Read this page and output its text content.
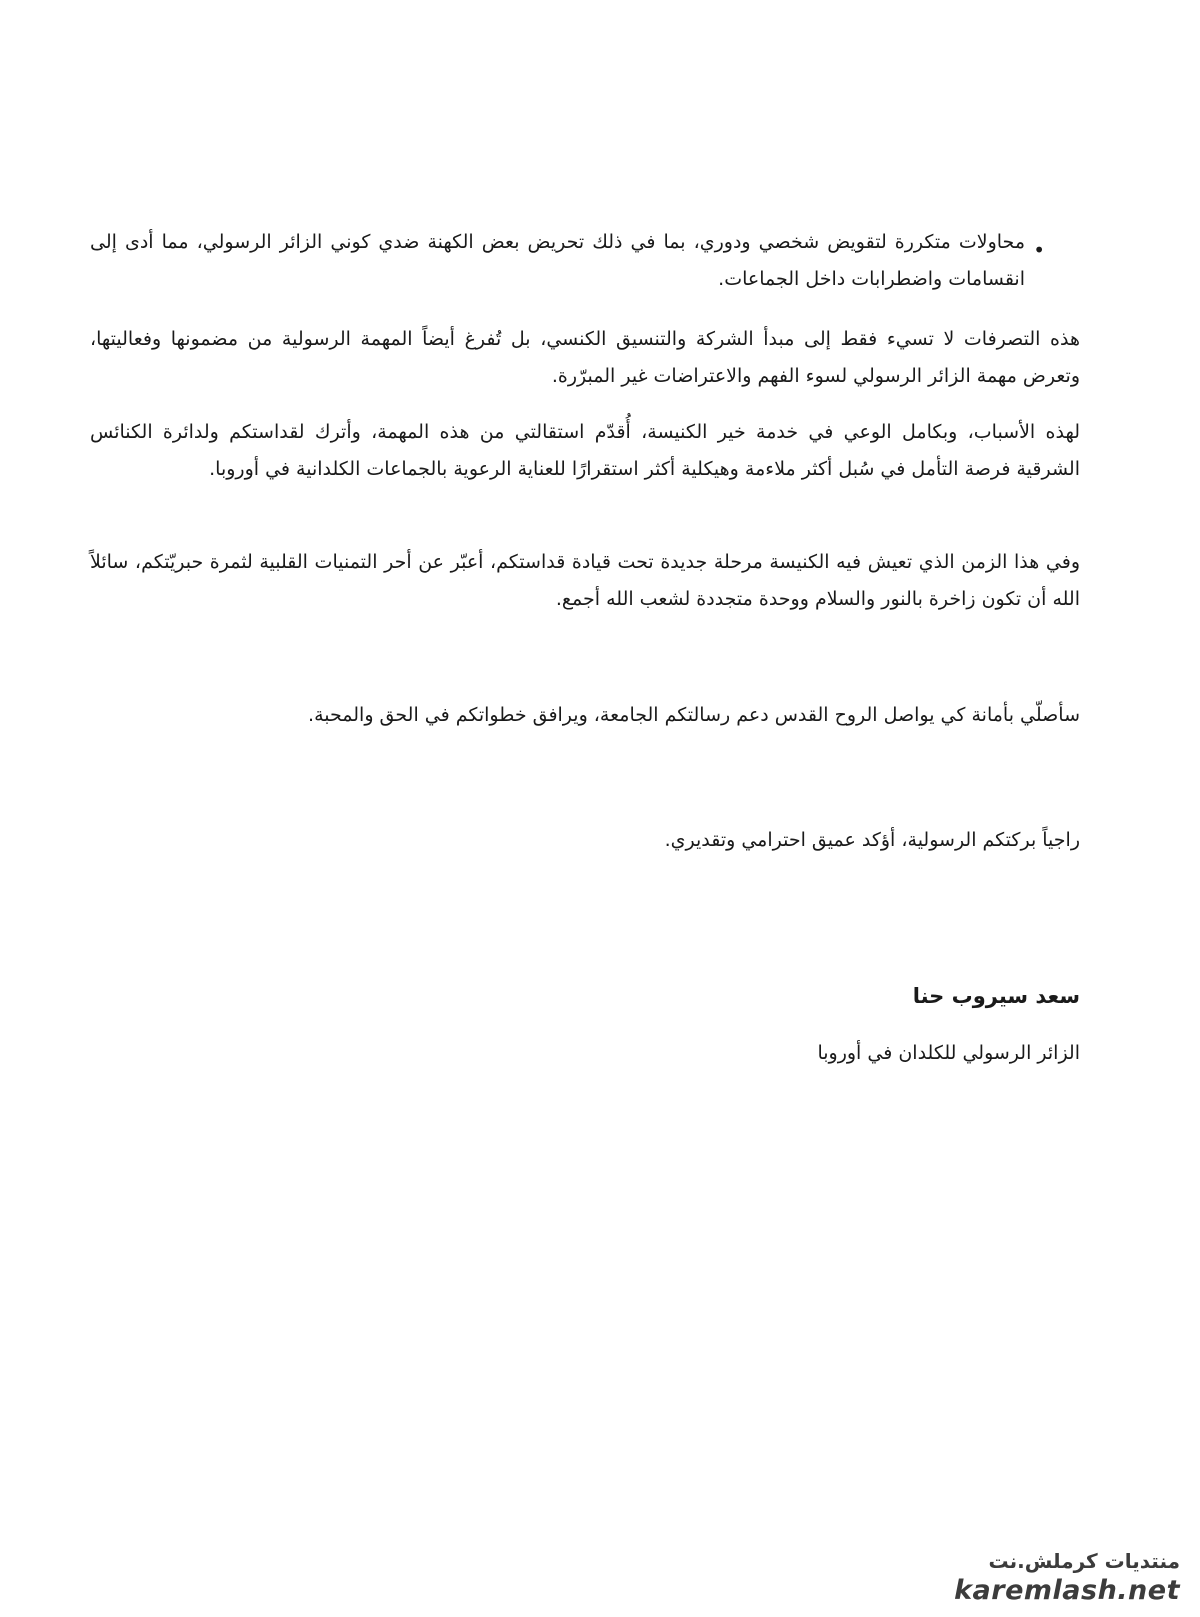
•

محاولات متكررة لتقويض شخصي ودوري، بما في ذلك تحريض بعض الكهنة ضدي كوني الزائر الرسولي، مما أدى إلى انقسامات واضطرابات داخل الجماعات.

هذه التصرفات لا تسيء فقط إلى مبدأ الشركة والتنسيق الكنسي، بل تُفرغ أيضاً المهمة الرسولية من مضمونها وفعاليتها، وتعرض مهمة الزائر الرسولي لسوء الفهم والاعتراضات غير المبرّرة.

لهذه الأسباب، وبكامل الوعي في خدمة خير الكنيسة، أُقدّم استقالتي من هذه المهمة، وأترك لقداستكم ولدائرة الكنائس الشرقية فرصة التأمل في سُبل أكثر ملاءمة وهيكلية أكثر استقرارًا للعناية الرعوية بالجماعات الكلدانية في أوروبا.

وفي هذا الزمن الذي تعيش فيه الكنيسة مرحلة جديدة تحت قيادة قداستكم، أعبّر عن أحر التمنيات القلبية لثمرة حبريّتكم، سائلاً الله أن تكون زاخرة بالنور والسلام ووحدة متجددة لشعب الله أجمع.

سأصلّي بأمانة كي يواصل الروح القدس دعم رسالتكم الجامعة، ويرافق خطواتكم في الحق والمحبة.

راجياً بركتكم الرسولية، أؤكد عميق احترامي وتقديري.

سعد سيروب حنا

الزائر الرسولي للكلدان في أوروبا

منتديات كرملش.نت
karemlash.net
